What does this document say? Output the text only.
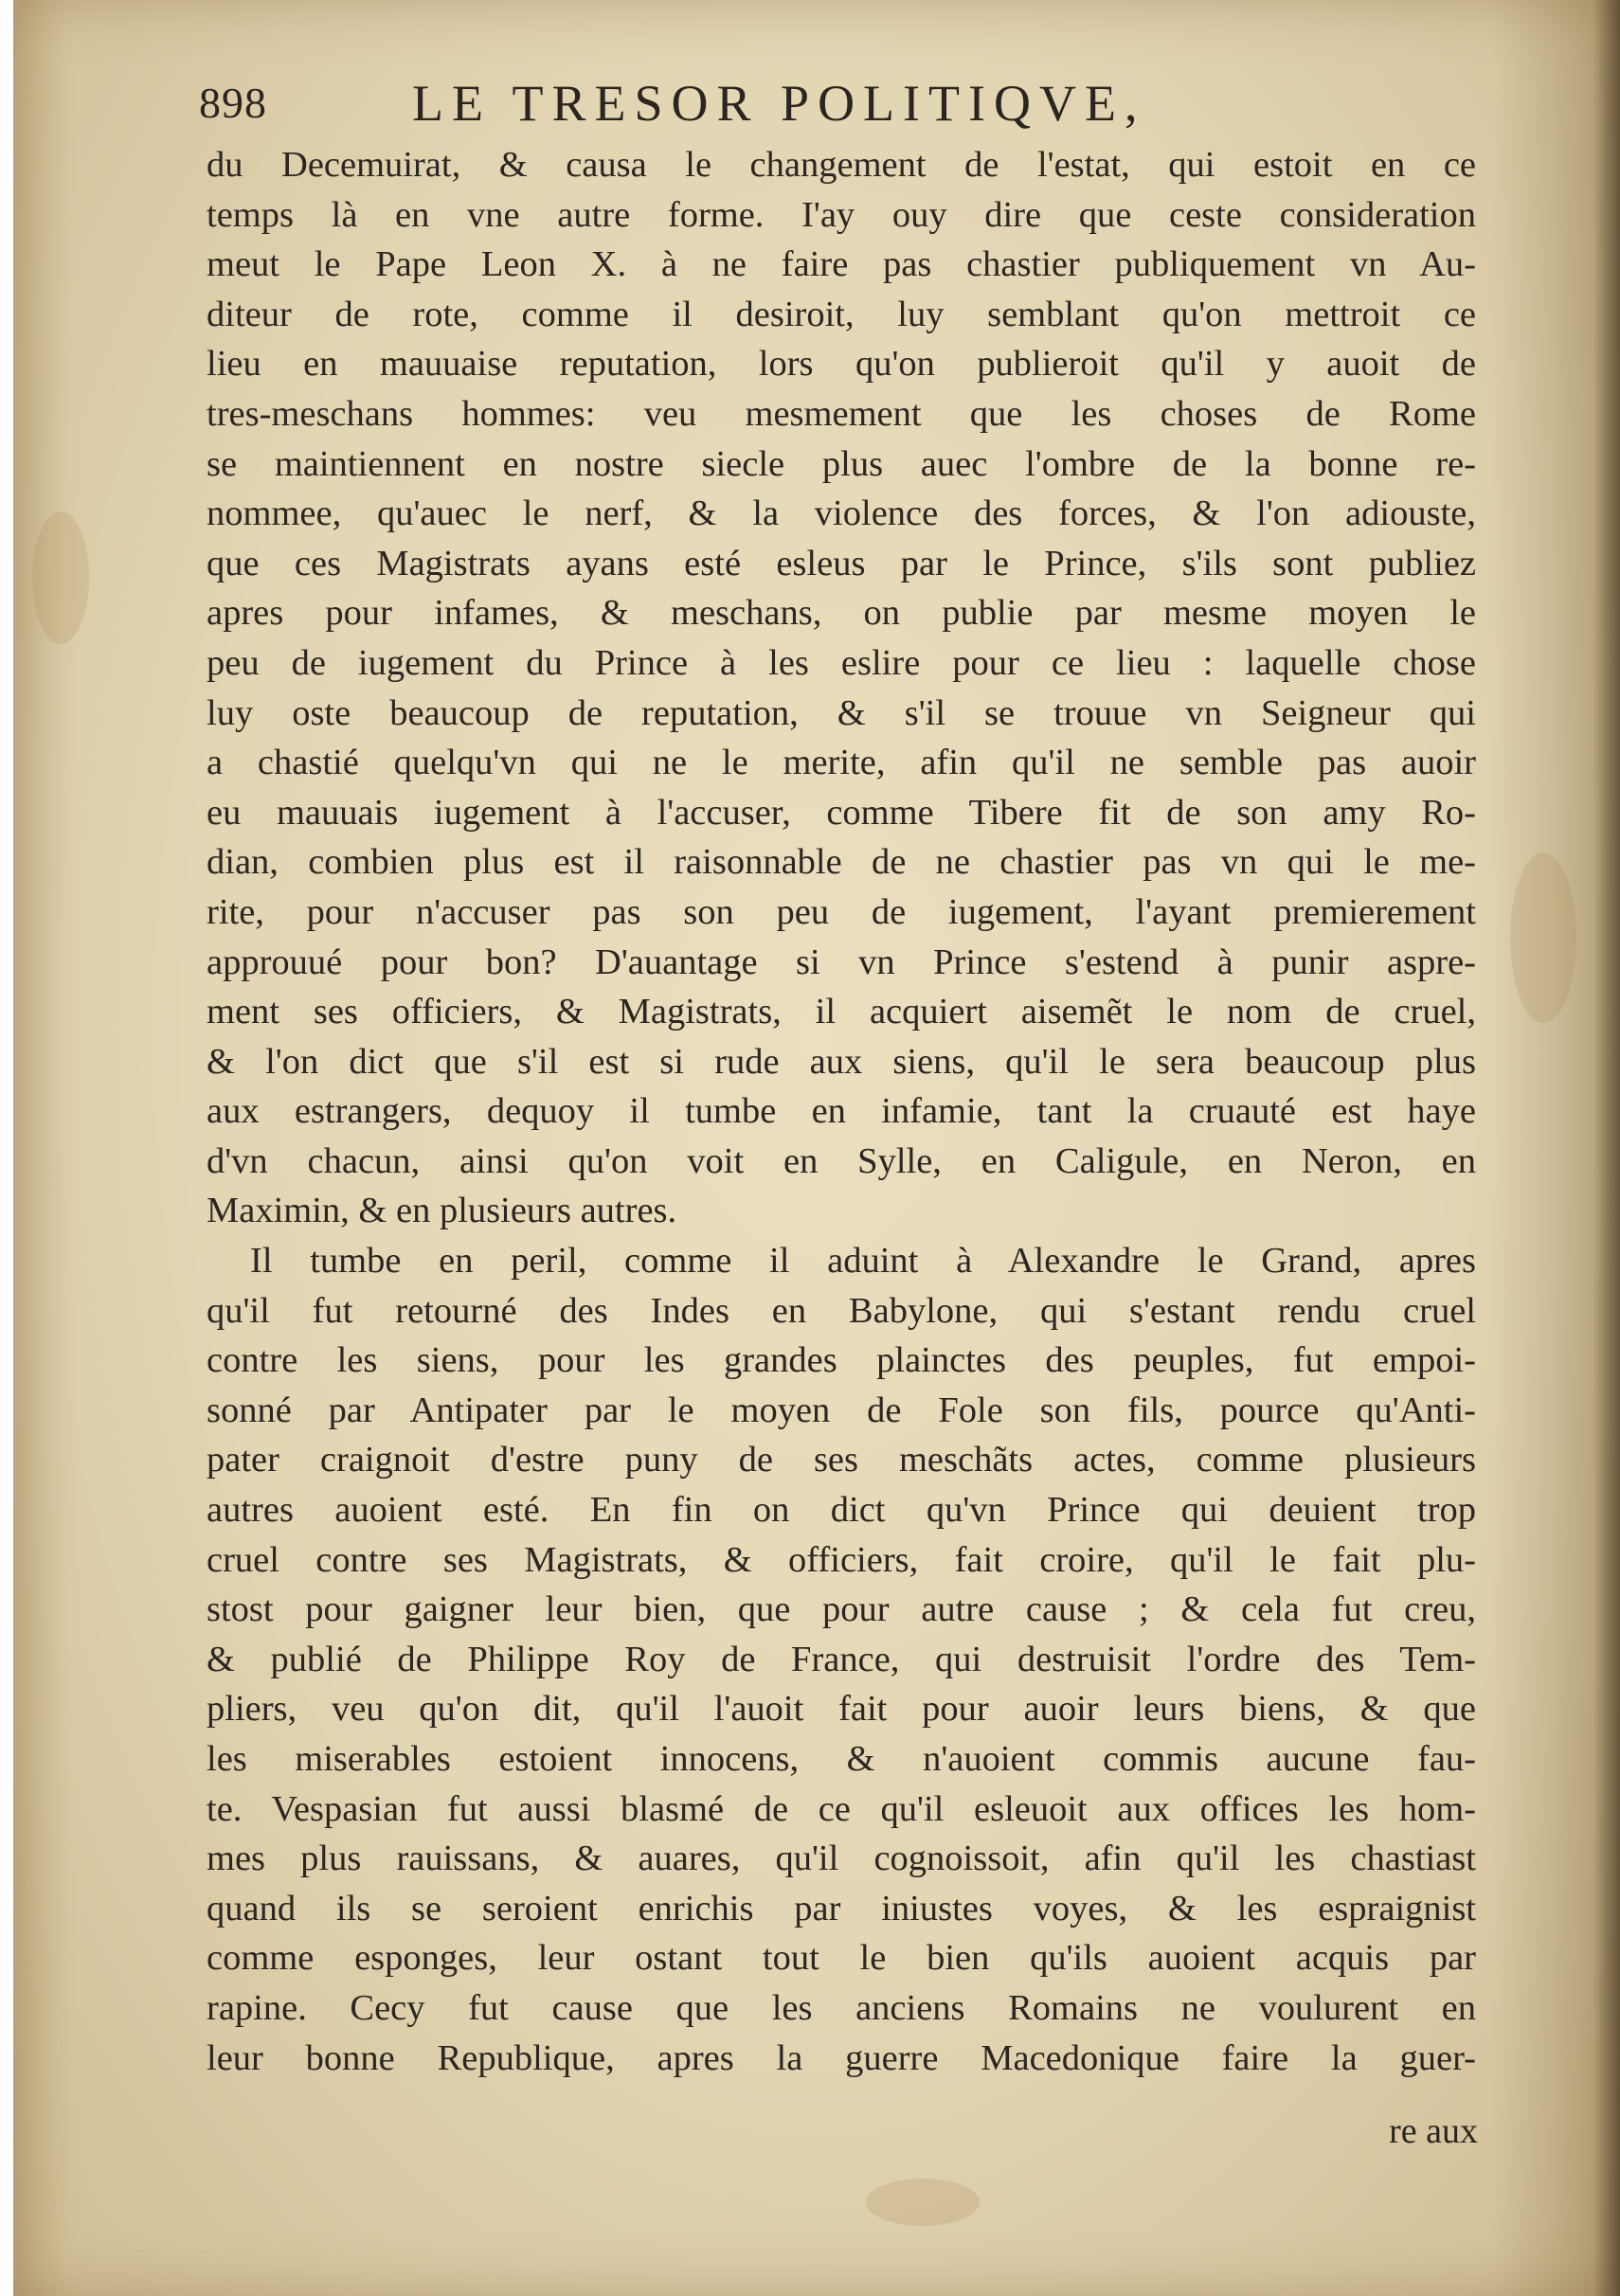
898	LE TRESOR POLITIQVE,
du Decemuirat, & causa le changement de l'estat, qui estoit en ce
temps là en vne autre forme. I'ay ouy dire que ceste consideration
meut le Pape Leon X. à ne faire pas chastier publiquement vn Au-
diteur de rote, comme il desiroit, luy semblant qu'on mettroit ce
lieu en mauuaise reputation, lors qu'on publieroit qu'il y auoit de
tres-meschans hommes: veu mesmement que les choses de Rome
se maintiennent en nostre siecle plus auec l'ombre de la bonne re-
nommee, qu'auec le nerf, & la violence des forces, & l'on adiouste,
que ces Magistrats ayans esté esleus par le Prince, s'ils sont publiez
apres pour infames, & meschans, on publie par mesme moyen le
peu de iugement du Prince à les eslire pour ce lieu : laquelle chose
luy oste beaucoup de reputation, & s'il se trouue vn Seigneur qui
a chastié quelqu'vn qui ne le merite, afin qu'il ne semble pas auoir
eu mauuais iugement à l'accuser, comme Tibere fit de son amy Ro-
dian, combien plus est il raisonnable de ne chastier pas vn qui le me-
rite, pour n'accuser pas son peu de iugement, l'ayant premierement
approuué pour bon? D'auantage si vn Prince s'estend à punir aspre-
ment ses officiers, & Magistrats, il acquiert aisemẽt le nom de cruel,
& l'on dict que s'il est si rude aux siens, qu'il le sera beaucoup plus
aux estrangers, dequoy il tumbe en infamie, tant la cruauté est haye
d'vn chacun, ainsi qu'on voit en Sylle, en Caligule, en Neron, en
Maximin, & en plusieurs autres.
Il tumbe en peril, comme il aduint à Alexandre le Grand, apres
qu'il fut retourné des Indes en Babylone, qui s'estant rendu cruel
contre les siens, pour les grandes plainctes des peuples, fut empoi-
sonné par Antipater par le moyen de Fole son fils, pource qu'Anti-
pater craignoit d'estre puny de ses meschãts actes, comme plusieurs
autres auoient esté. En fin on dict qu'vn Prince qui deuient trop
cruel contre ses Magistrats, & officiers, fait croire, qu'il le fait plu-
stost pour gaigner leur bien, que pour autre cause ; & cela fut creu,
& publié de Philippe Roy de France, qui destruisit l'ordre des Tem-
pliers, veu qu'on dit, qu'il l'auoit fait pour auoir leurs biens, & que
les miserables estoient innocens, & n'auoient commis aucune fau-
te. Vespasian fut aussi blasmé de ce qu'il esleuoit aux offices les hom-
mes plus rauissans, & auares, qu'il cognoissoit, afin qu'il les chastiast
quand ils se seroient enrichis par iniustes voyes, & les espraignist
comme esponges, leur ostant tout le bien qu'ils auoient acquis par
rapine. Cecy fut cause que les anciens Romains ne voulurent en
leur bonne Republique, apres la guerre Macedonique faire la guer-
re aux
